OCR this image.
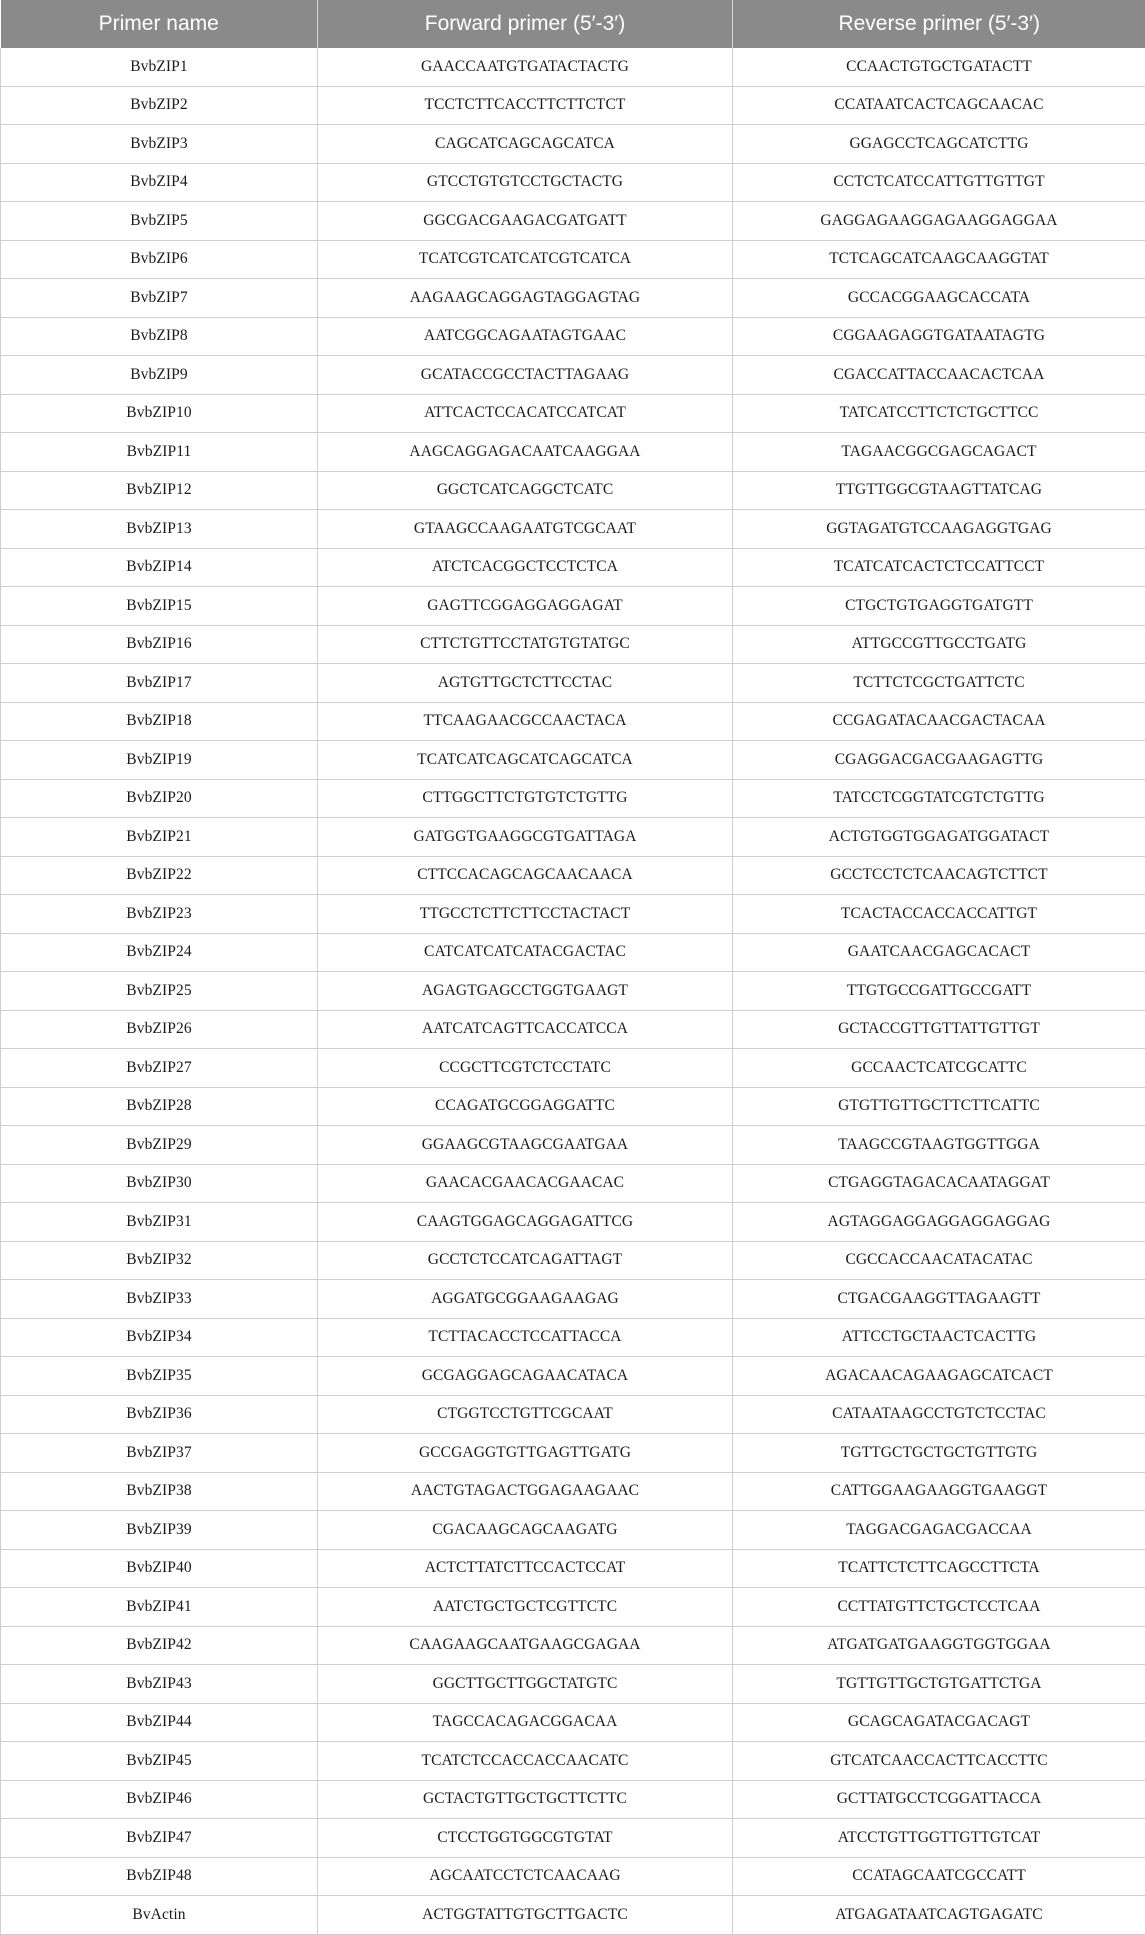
Primer name	Forward primer (5′-3′)	Reverse primer (5′-3′)
BvbZIP1	GAACCAATGTGATACTACTG	CCAACTGTGCTGATACTT
BvbZIP2	TCCTCTTCACCTTCTTCTCT	CCATAATCACTCAGCAACAC
BvbZIP3	CAGCATCAGCAGCATCA	GGAGCCTCAGCATCTTG
BvbZIP4	GTCCTGTGTCCTGCTACTG	CCTCTCATCCATTGTTGTTGT
BvbZIP5	GGCGACGAAGACGATGATT	GAGGAGAAGGAGAAGGAGGAA
BvbZIP6	TCATCGTCATCATCGTCATCA	TCTCAGCATCAAGCAAGGTAT
BvbZIP7	AAGAAGCAGGAGTAGGAGTAG	GCCACGGAAGCACCATA
BvbZIP8	AATCGGCAGAATAGTGAAC	CGGAAGAGGTGATAATAGTG
BvbZIP9	GCATACCGCCTACTTAGAAG	CGACCATTACCAACACTCAA
BvbZIP10	ATTCACTCCACATCCATCAT	TATCATCCTTCTCTGCTTCC
BvbZIP11	AAGCAGGAGACAATCAAGGAA	TAGAACGGCGAGCAGACT
BvbZIP12	GGCTCATCAGGCTCATC	TTGTTGGCGTAAGTTATCAG
BvbZIP13	GTAAGCCAAGAATGTCGCAAT	GGTAGATGTCCAAGAGGTGAG
BvbZIP14	ATCTCACGGCTCCTCTCA	TCATCATCACTCTCCATTCCT
BvbZIP15	GAGTTCGGAGGAGGAGAT	CTGCTGTGAGGTGATGTT
BvbZIP16	CTTCTGTTCCTATGTGTATGC	ATTGCCGTTGCCTGATG
BvbZIP17	AGTGTTGCTCTTCCTAC	TCTTCTCGCTGATTCTC
BvbZIP18	TTCAAGAACGCCAACTACA	CCGAGATACAACGACTACAA
BvbZIP19	TCATCATCAGCATCAGCATCA	CGAGGACGACGAAGAGTTG
BvbZIP20	CTTGGCTTCTGTGTCTGTTG	TATCCTCGGTATCGTCTGTTG
BvbZIP21	GATGGTGAAGGCGTGATTAGA	ACTGTGGTGGAGATGGATACT
BvbZIP22	CTTCCACAGCAGCAACAACA	GCCTCCTCTCAACAGTCTTCT
BvbZIP23	TTGCCTCTTCTTCCTACTACT	TCACTACCACCACCATTGT
BvbZIP24	CATCATCATCATACGACTAC	GAATCAACGAGCACACT
BvbZIP25	AGAGTGAGCCTGGTGAAGT	TTGTGCCGATTGCCGATT
BvbZIP26	AATCATCAGTTCACCATCCA	GCTACCGTTGTTATTGTTGT
BvbZIP27	CCGCTTCGTCTCCTATC	GCCAACTCATCGCATTC
BvbZIP28	CCAGATGCGGAGGATTC	GTGTTGTTGCTTCTTCATTC
BvbZIP29	GGAAGCGTAAGCGAATGAA	TAAGCCGTAAGTGGTTGGA
BvbZIP30	GAACACGAACACGAACAC	CTGAGGTAGACACAATAGGAT
BvbZIP31	CAAGTGGAGCAGGAGATTCG	AGTAGGAGGAGGAGGAGGAG
BvbZIP32	GCCTCTCCATCAGATTAGT	CGCCACCAACATACATAC
BvbZIP33	AGGATGCGGAAGAAGAG	CTGACGAAGGTTAGAAGTT
BvbZIP34	TCTTACACCTCCATTACCA	ATTCCTGCTAACTCACTTG
BvbZIP35	GCGAGGAGCAGAACATACA	AGACAACAGAAGAGCATCACT
BvbZIP36	CTGGTCCTGTTCGCAAT	CATAATAAGCCTGTCTCCTAC
BvbZIP37	GCCGAGGTGTTGAGTTGATG	TGTTGCTGCTGCTGTTGTG
BvbZIP38	AACTGTAGACTGGAGAAGAAC	CATTGGAAGAAGGTGAAGGT
BvbZIP39	CGACAAGCAGCAAGATG	TAGGACGAGACGACCAA
BvbZIP40	ACTCTTATCTTCCACTCCAT	TCATTCTCTTCAGCCTTCTA
BvbZIP41	AATCTGCTGCTCGTTCTC	CCTTATGTTCTGCTCCTCAA
BvbZIP42	CAAGAAGCAATGAAGCGAGAA	ATGATGATGAAGGTGGTGGAA
BvbZIP43	GGCTTGCTTGGCTATGTC	TGTTGTTGCTGTGATTCTGA
BvbZIP44	TAGCCACAGACGGACAA	GCAGCAGATACGACAGT
BvbZIP45	TCATCTCCACCACCAACATC	GTCATCAACCACTTCACCTTC
BvbZIP46	GCTACTGTTGCTGCTTCTTC	GCTTATGCCTCGGATTACCA
BvbZIP47	CTCCTGGTGGCGTGTAT	ATCCTGTTGGTTGTTGTCAT
BvbZIP48	AGCAATCCTCTCAACAAG	CCATAGCAATCGCCATT
BvActin	ACTGGTATTGTGCTTGACTC	ATGAGATAATCAGTGAGATC
